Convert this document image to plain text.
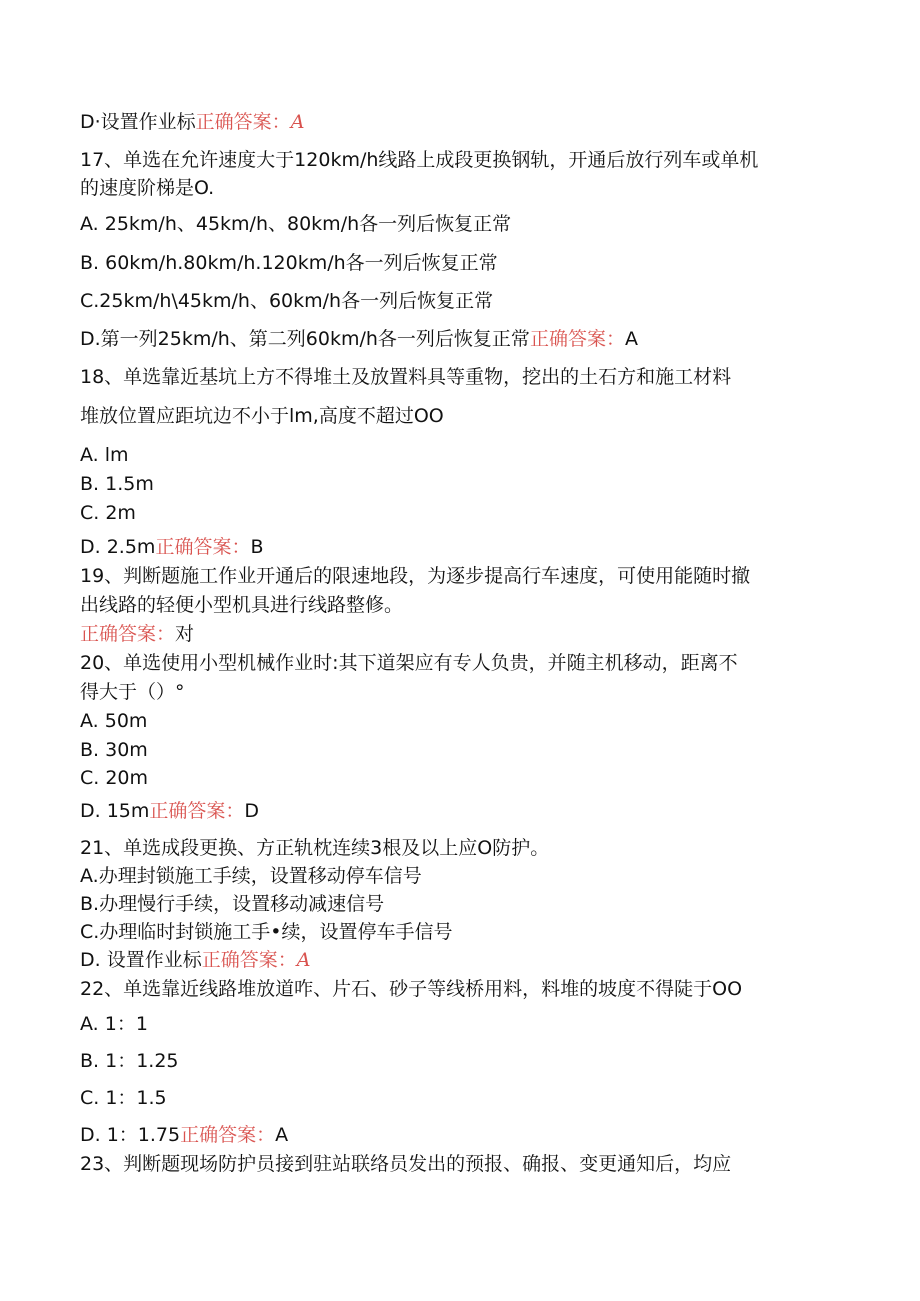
D·设置作业标正确答案：A
17、单选在允许速度大于120km/h线路上成段更换钢轨，开通后放行列车或单机
的速度阶梯是O.
A. 25km/h、45km/h、80km/h各一列后恢复正常
B. 60km/h.80km/h.120km/h各一列后恢复正常
C.25km/h\45km/h、60km/h各一列后恢复正常
D.第一列25km/h、第二列60km/h各一列后恢复正常正确答案：A
18、单选靠近基坑上方不得堆土及放置料具等重物，挖出的土石方和施工材料
堆放位置应距坑边不小于lm,高度不超过OO
A. lm
B. 1.5m
C. 2m
D. 2.5m正确答案：B
19、判断题施工作业开通后的限速地段，为逐步提高行车速度，可使用能随时撤
出线路的轻便小型机具进行线路整修。
正确答案：对
20、单选使用小型机械作业时:其下道架应有专人负贵，并随主机移动，距离不
得大于（）°
A. 50m
B. 30m
C. 20m
D. 15m正确答案：D
21、单选成段更换、方正轨枕连续3根及以上应O防护。
A.办理封锁施工手续，设置移动停车信号
B.办理慢行手续，设置移动减速信号
C.办理临时封锁施工手•续，设置停车手信号
D. 设置作业标正确答案：A
22、单选靠近线路堆放道咋、片石、砂子等线桥用料，料堆的坡度不得陡于OO
A. 1：1
B. 1：1.25
C. 1：1.5
D. 1：1.75正确答案：A
23、判断题现场防护员接到驻站联络员发出的预报、确报、变更通知后，均应
